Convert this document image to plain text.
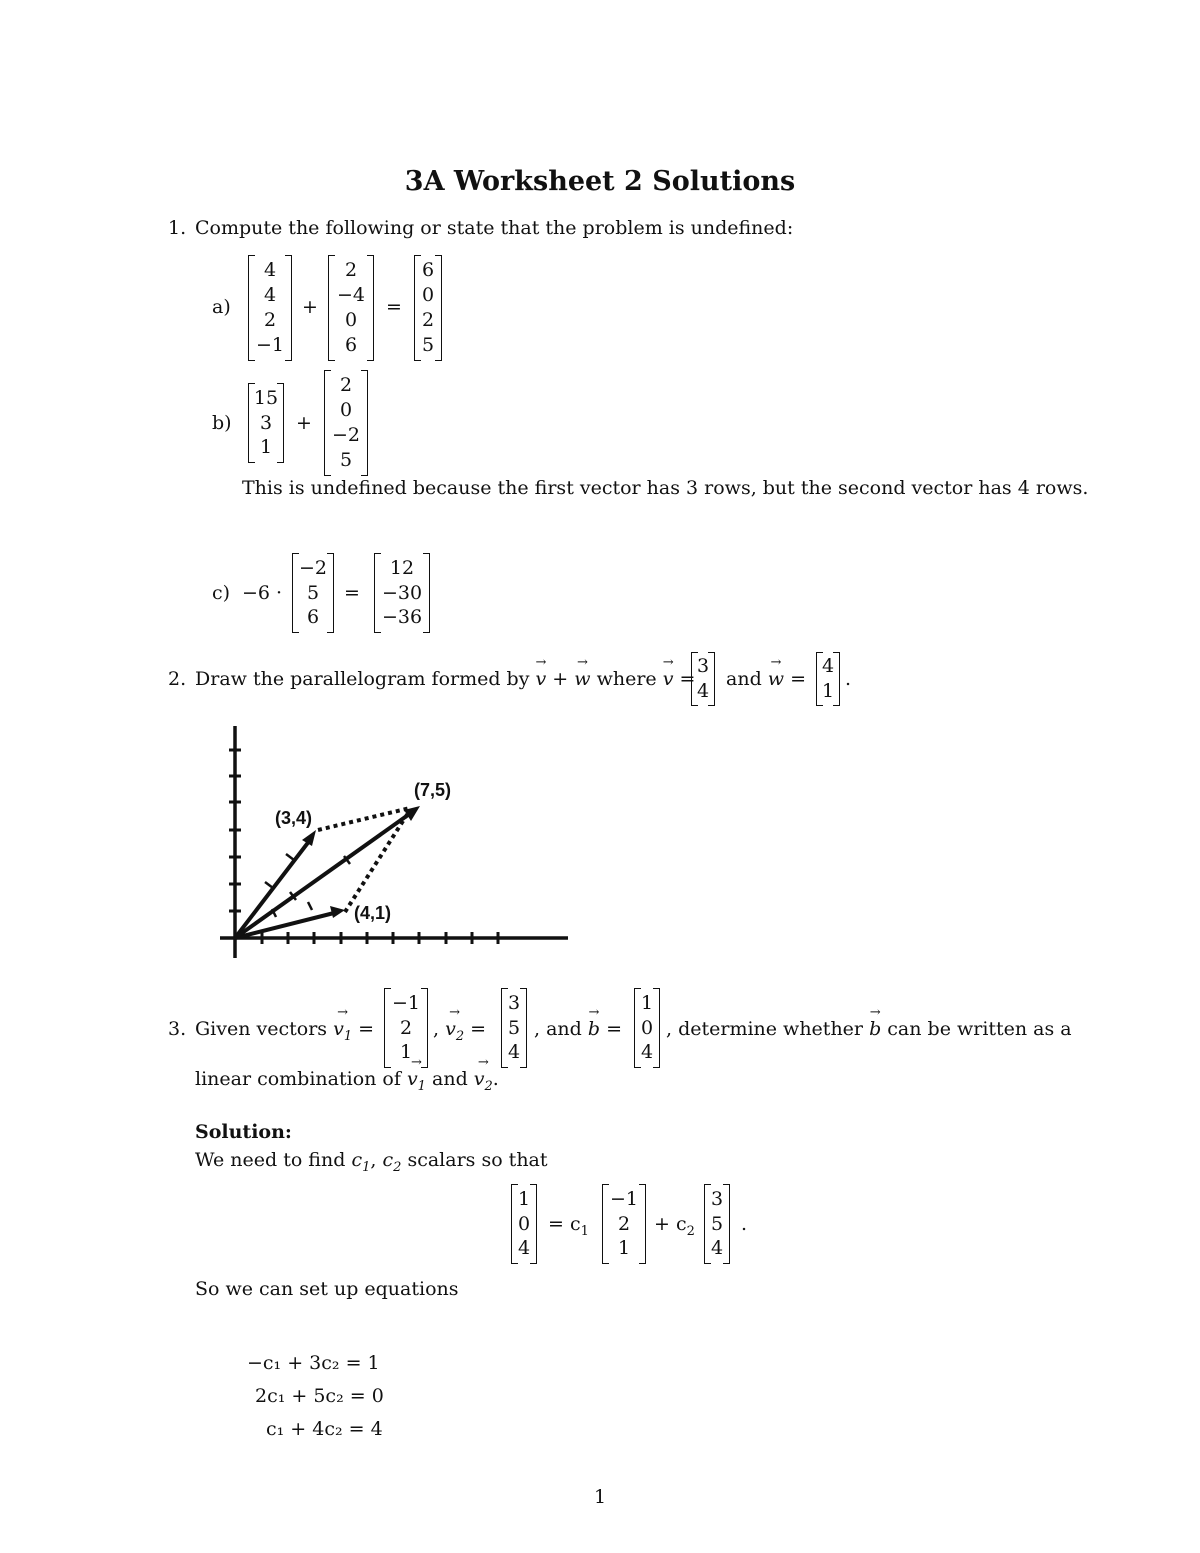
3A Worksheet 2 Solutions
1. Compute the following or state that the problem is undefined:
a)
4
4
2
−1
+
2
−4
0
6
=
6
0
2
5
b)
15
3
1
+
2
0
−2
5
This is undefined because the first vector has 3 rows, but the second vector has 4 rows.
c) −6 ·
−2
5
6
=
12
−30
−36
2. Draw the parallelogram formed by → v + → w where → v =
3
4
and → w =
4
1
.
(3,4)
(7,5)
(4,1)
3. Given vectors → $v_1$ =
−1
2
1
, → $v_2$ =
3
5
4
, and → b =
1
0
4
, determine whether → b can be written as a
linear combination of → $v_1$ and → $v_2$.
Solution:
We need to find $c_1$, $c_2$ scalars so that
1
0
4
= $c_1$
−1
2
1
+ $c_2$
3
5
4
.
So we can set up equations
−c₁ + 3c₂ = 1
2c₁ + 5c₂ = 0
c₁ + 4c₂ = 4
1
